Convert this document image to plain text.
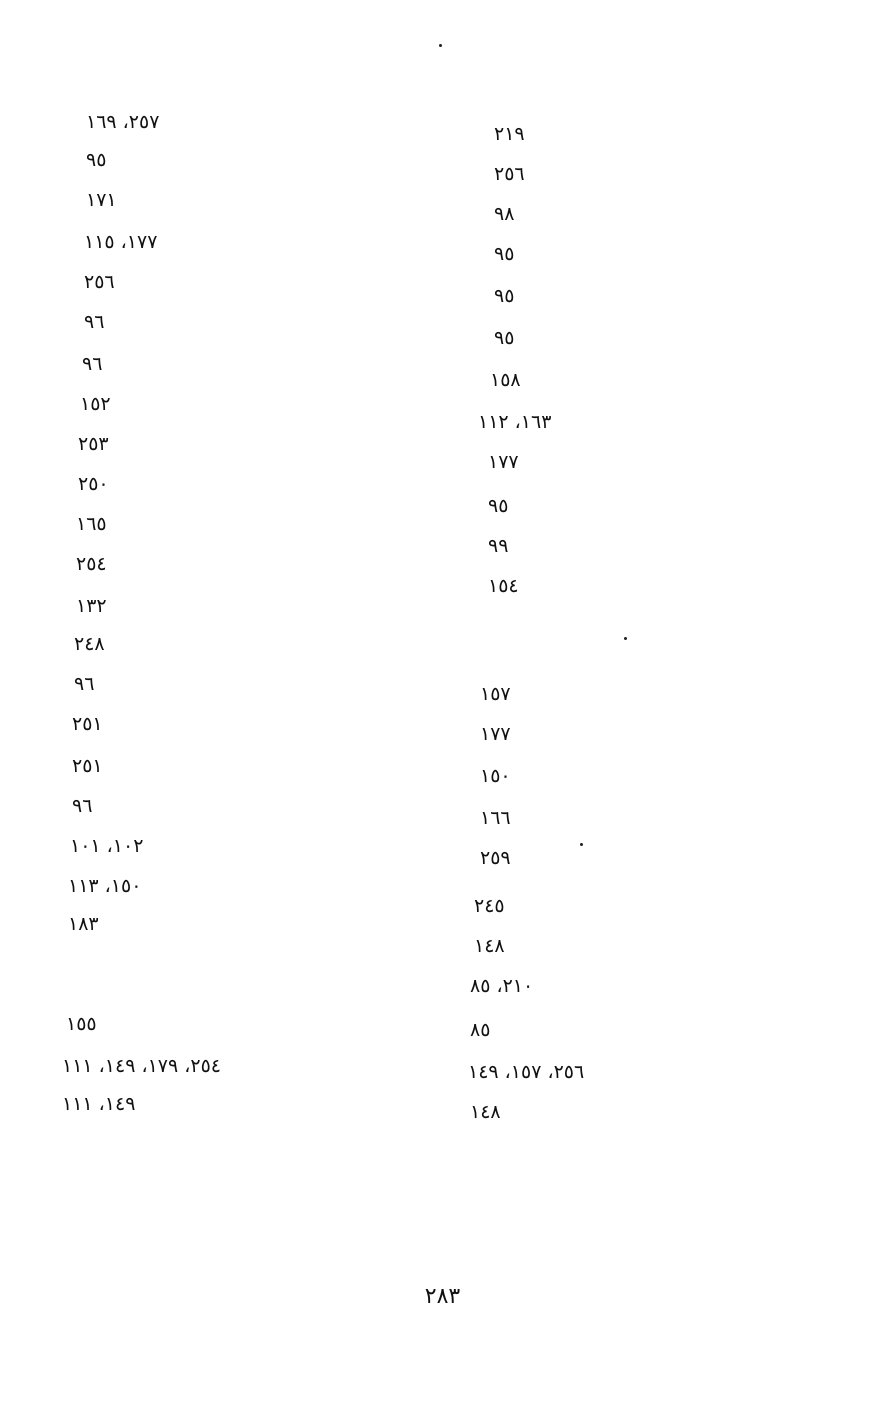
٢١٩
٢٥٦
٩٨
٩٥
٩٥
٩٥
١٥٨
١٦٣، ١١٢
١٧٧
٩٥
٩٩
١٥٤
١٥٧
١٧٧
١٥٠
١٦٦
٢٥٩
٢٤٥
١٤٨
٢١٠، ٨٥
٨٥
٢٥٦، ١٥٧، ١٤٩
١٤٨
٢٥٧، ١٦٩
٩٥
١٧١
١٧٧، ١١٥
٢٥٦
٩٦
٩٦
١٥٢
٢٥٣
٢٥٠
١٦٥
٢٥٤
١٣٢
٢٤٨
٩٦
٢٥١
٢٥١
٩٦
١٠٢، ١٠١
١٥٠، ١١٣
١٨٣
١٥٥
٢٥٤، ١٧٩، ١٤٩، ١١١
١٤٩، ١١١
٢٨٣
